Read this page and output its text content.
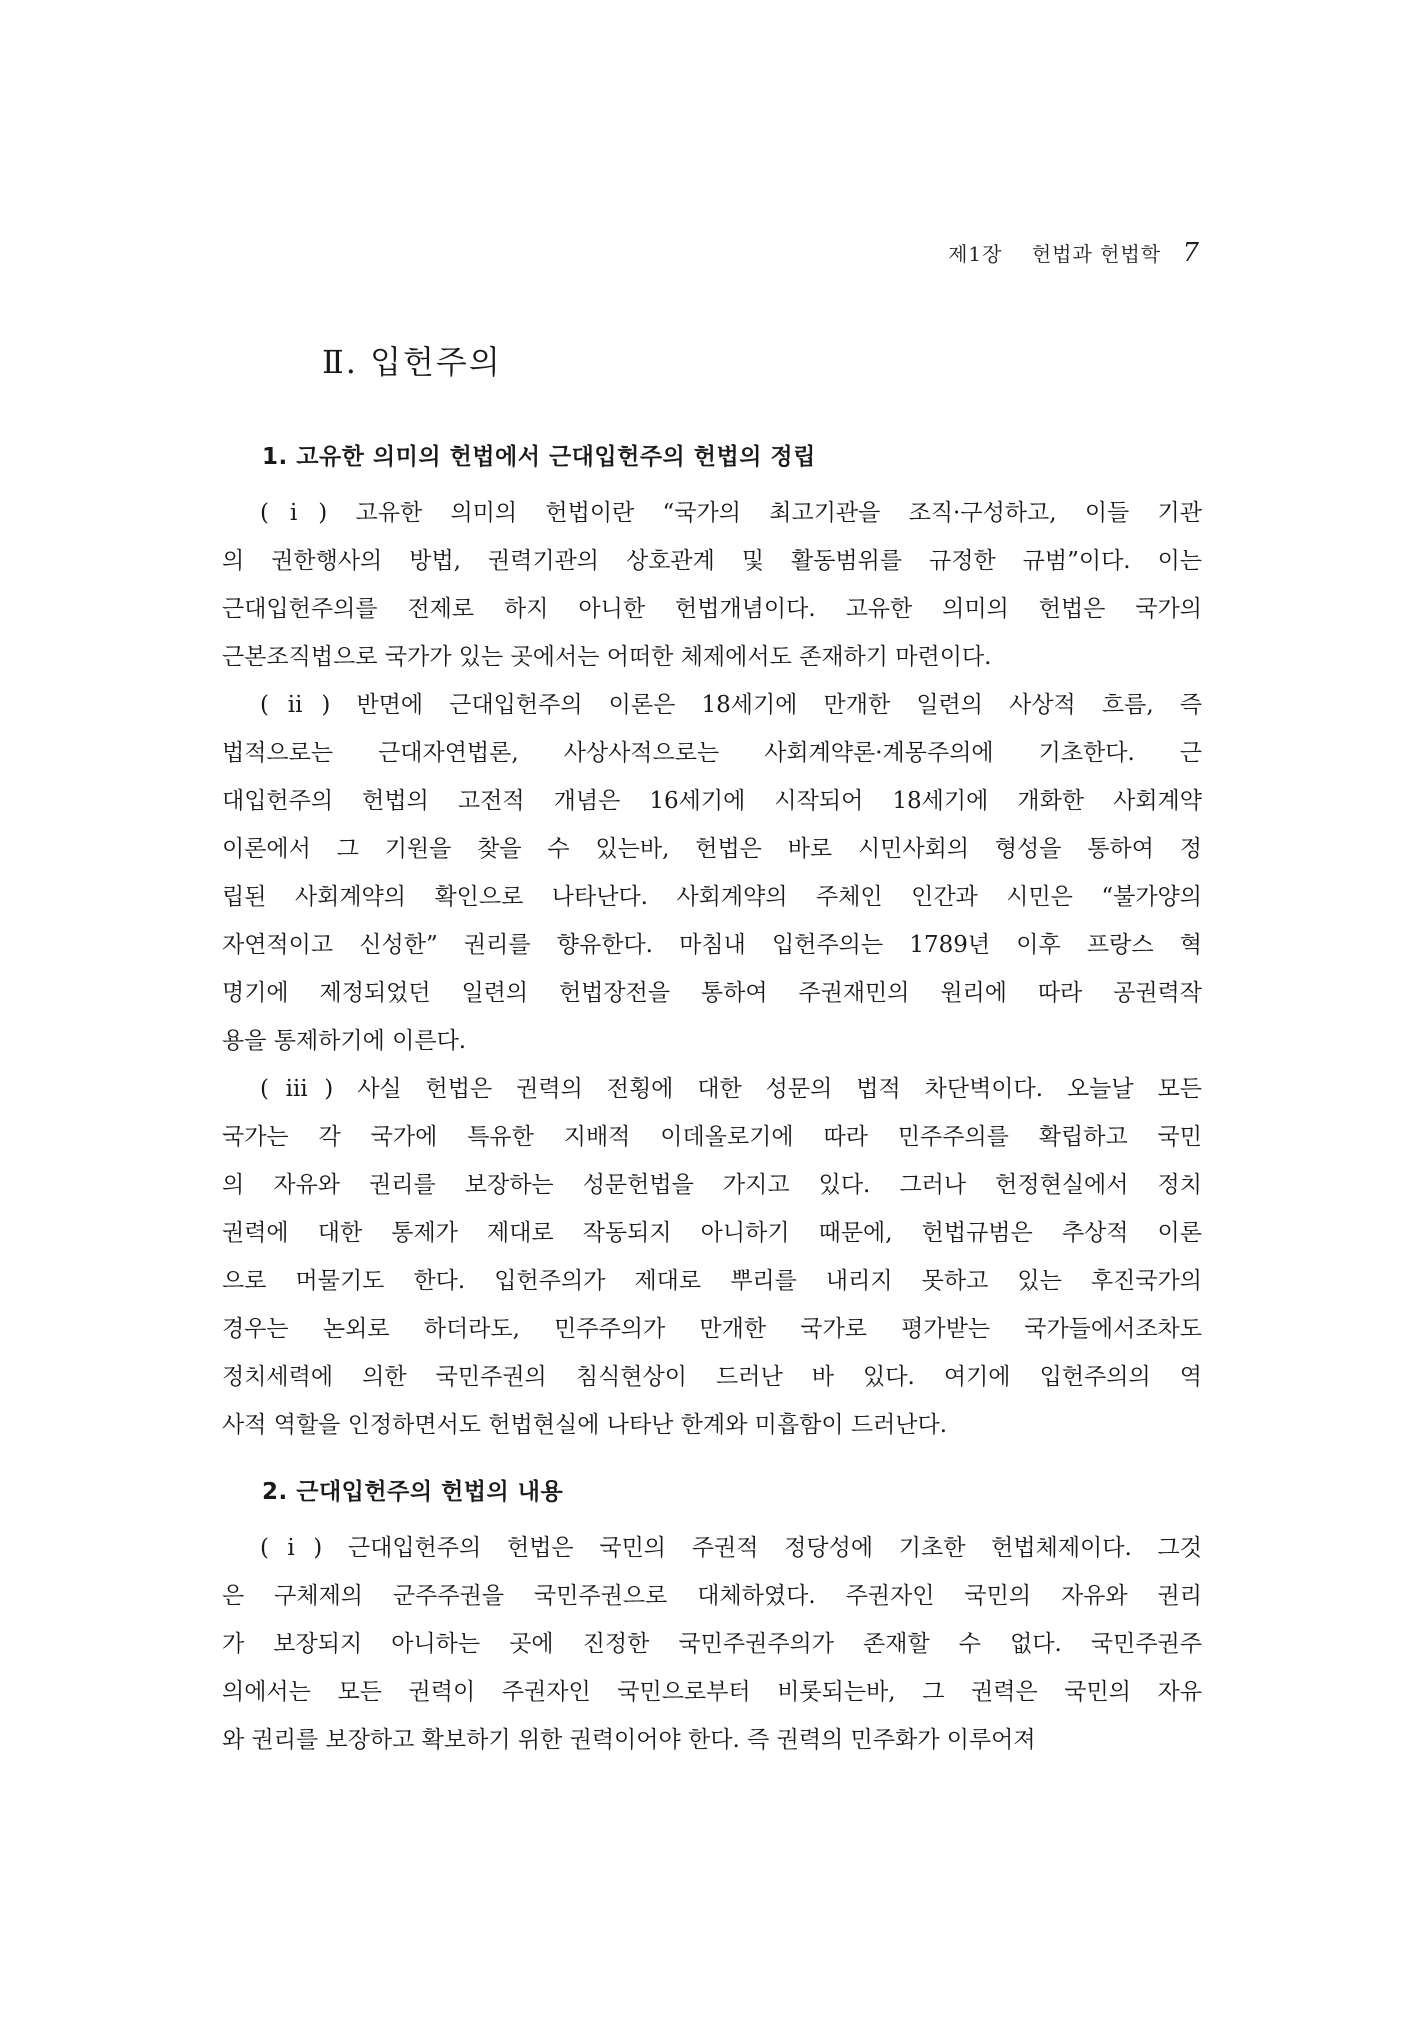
제1장 헌법과 헌법학 7
Ⅱ. 입헌주의
1. 고유한 의미의 헌법에서 근대입헌주의 헌법의 정립
(ⅰ) 고유한 의미의 헌법이란 “국가의 최고기관을 조직·구성하고, 이들 기관
의 권한행사의 방법, 권력기관의 상호관계 및 활동범위를 규정한 규범”이다. 이는
근대입헌주의를 전제로 하지 아니한 헌법개념이다. 고유한 의미의 헌법은 국가의
근본조직법으로 국가가 있는 곳에서는 어떠한 체제에서도 존재하기 마련이다.
(ⅱ) 반면에 근대입헌주의 이론은 18세기에 만개한 일련의 사상적 흐름, 즉
법적으로는 근대자연법론, 사상사적으로는 사회계약론·계몽주의에 기초한다. 근
대입헌주의 헌법의 고전적 개념은 16세기에 시작되어 18세기에 개화한 사회계약
이론에서 그 기원을 찾을 수 있는바, 헌법은 바로 시민사회의 형성을 통하여 정
립된 사회계약의 확인으로 나타난다. 사회계약의 주체인 인간과 시민은 “불가양의
자연적이고 신성한” 권리를 향유한다. 마침내 입헌주의는 1789년 이후 프랑스 혁
명기에 제정되었던 일련의 헌법장전을 통하여 주권재민의 원리에 따라 공권력작
용을 통제하기에 이른다.
(ⅲ) 사실 헌법은 권력의 전횡에 대한 성문의 법적 차단벽이다. 오늘날 모든
국가는 각 국가에 특유한 지배적 이데올로기에 따라 민주주의를 확립하고 국민
의 자유와 권리를 보장하는 성문헌법을 가지고 있다. 그러나 헌정현실에서 정치
권력에 대한 통제가 제대로 작동되지 아니하기 때문에, 헌법규범은 추상적 이론
으로 머물기도 한다. 입헌주의가 제대로 뿌리를 내리지 못하고 있는 후진국가의
경우는 논외로 하더라도, 민주주의가 만개한 국가로 평가받는 국가들에서조차도
정치세력에 의한 국민주권의 침식현상이 드러난 바 있다. 여기에 입헌주의의 역
사적 역할을 인정하면서도 헌법현실에 나타난 한계와 미흡함이 드러난다.
2. 근대입헌주의 헌법의 내용
(ⅰ) 근대입헌주의 헌법은 국민의 주권적 정당성에 기초한 헌법체제이다. 그것
은 구체제의 군주주권을 국민주권으로 대체하였다. 주권자인 국민의 자유와 권리
가 보장되지 아니하는 곳에 진정한 국민주권주의가 존재할 수 없다. 국민주권주
의에서는 모든 권력이 주권자인 국민으로부터 비롯되는바, 그 권력은 국민의 자유
와 권리를 보장하고 확보하기 위한 권력이어야 한다. 즉 권력의 민주화가 이루어져
